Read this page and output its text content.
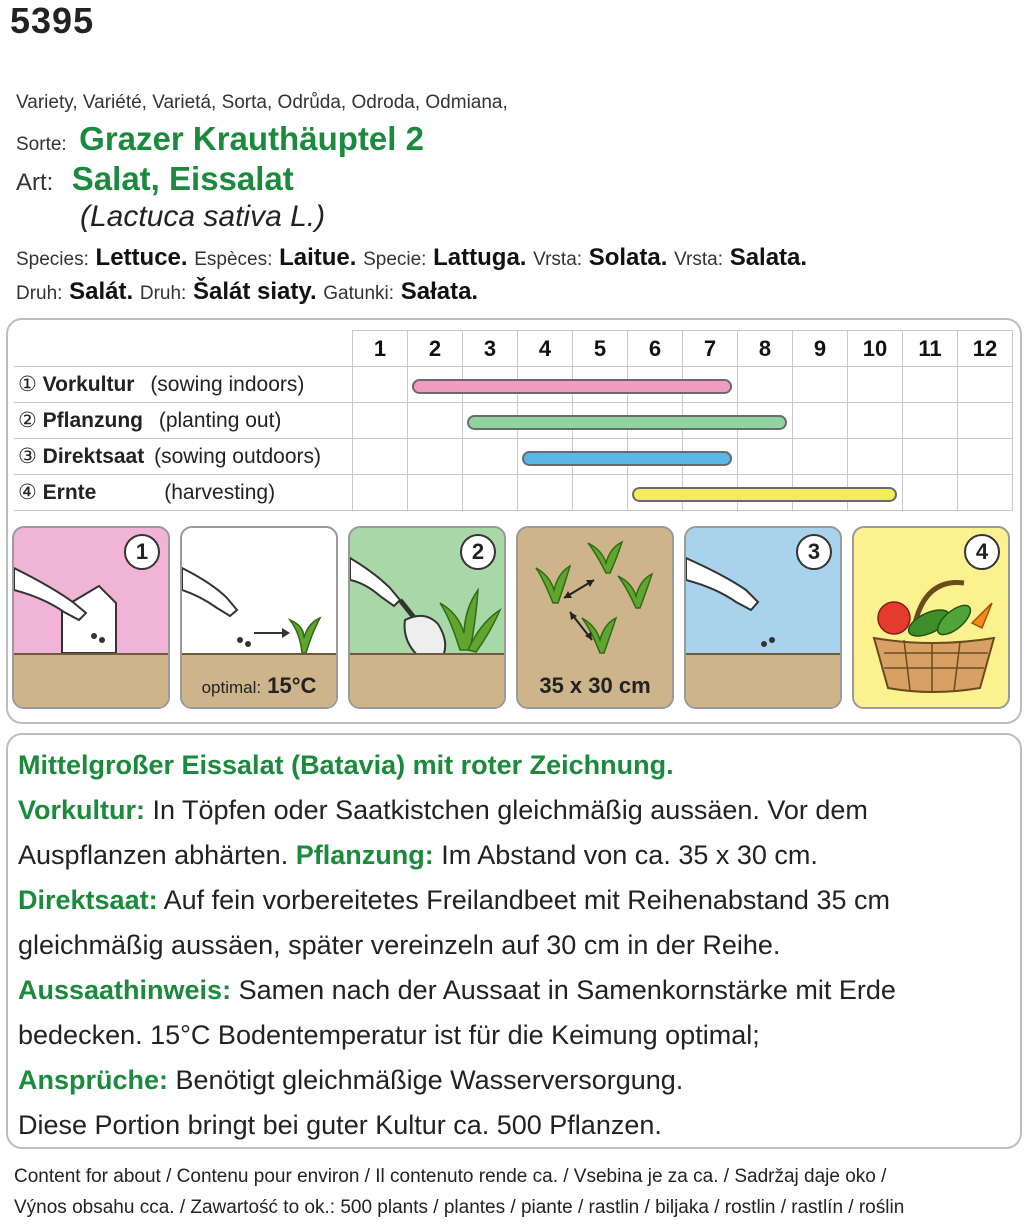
5395
Variety, Variété, Varietá, Sorta, Odrůda, Odroda, Odmiana,
Sorte: Grazer Krauthäuptel 2
Art: Salat, Eissalat
(Lactuca sativa L.)
Species: Lettuce. Espèces: Laitue. Specie: Lattuga. Vrsta: Solata. Vrsta: Salata.
Druh: Salát. Druh: Šalát siaty. Gatunki: Sałata.
	1	2	3	4	5	6	7	8	9	10	11	12
① Vorkultur (sowing indoors)												
② Pflanzung (planting out)												
③ Direktsaat (sowing outdoors)												
④ Ernte (harvesting)												
1
optimal: 15°C
2
35 x 30 cm
3	4
Mittelgroßer Eissalat (Batavia) mit roter Zeichnung.
Vorkultur: In Töpfen oder Saatkistchen gleichmäßig aussäen. Vor dem
Auspflanzen abhärten. Pflanzung: Im Abstand von ca. 35 x 30 cm.
Direktsaat: Auf fein vorbereitetes Freilandbeet mit Reihenabstand 35 cm
gleichmäßig aussäen, später vereinzeln auf 30 cm in der Reihe.
Aussaathinweis: Samen nach der Aussaat in Samenkornstärke mit Erde
bedecken. 15°C Bodentemperatur ist für die Keimung optimal;
Ansprüche: Benötigt gleichmäßige Wasserversorgung.
Diese Portion bringt bei guter Kultur ca. 500 Pflanzen.
Content for about / Contenu pour environ / Il contenuto rende ca. / Vsebina je za ca. / Sadržaj daje oko /
Výnos obsahu cca. / Zawartość to ok.: 500 plants / plantes / piante / rastlin / biljaka / rostlin / rastlín / roślin
